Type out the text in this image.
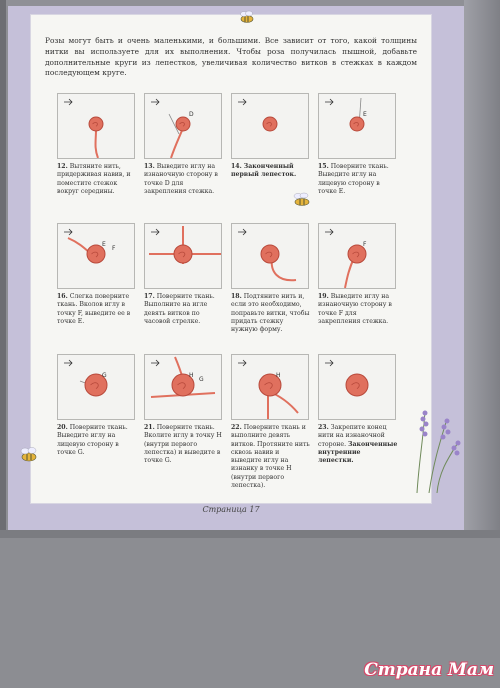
Розы могут быть и очень маленькими, и большими. Все зависит от того, какой толщины нитки вы используете для их выполнения. Чтобы роза получилась пышной, добавьте дополнительные круги из лепестков, увеличивая количество витков в стежках в каждом последующем круге.

12. Вытяните нить, придерживая навив, и поместите стежок вокруг середины.
D
13. Выведите иглу на изнаночную сторону в точке D для закрепления стежка.
14. Законченный первый лепесток.
E
15. Поверните ткань. Выведите иглу на лицевую сторону в точке E.
E
F
16. Слегка поверните ткань. Вколов иглу в точку F, выведите ее в точке E.
17. Поверните ткань. Выполните на игле девять витков по часовой стрелке.
18. Подтяните нить и, если это необходимо, поправьте витки, чтобы придать стежку нужную форму.
F
19. Выведите иглу на изнаночную сторону в точке F для закрепления стежка.
G
20. Поверните ткань. Выведите иглу на лицевую сторону в точке G.
H
G
21. Поверните ткань. Вколите иглу в точку H (внутри первого лепестка) и выведите в точке G.
H
22. Поверните ткань и выполните девять витков. Протяните нить сквозь навив и выведите иглу на изнанку в точке H (внутри первого лепестка).
23. Закрепите конец нити на изнаночной стороне. Законченные внутренние лепестки.
Страница 17
Страна Мам
